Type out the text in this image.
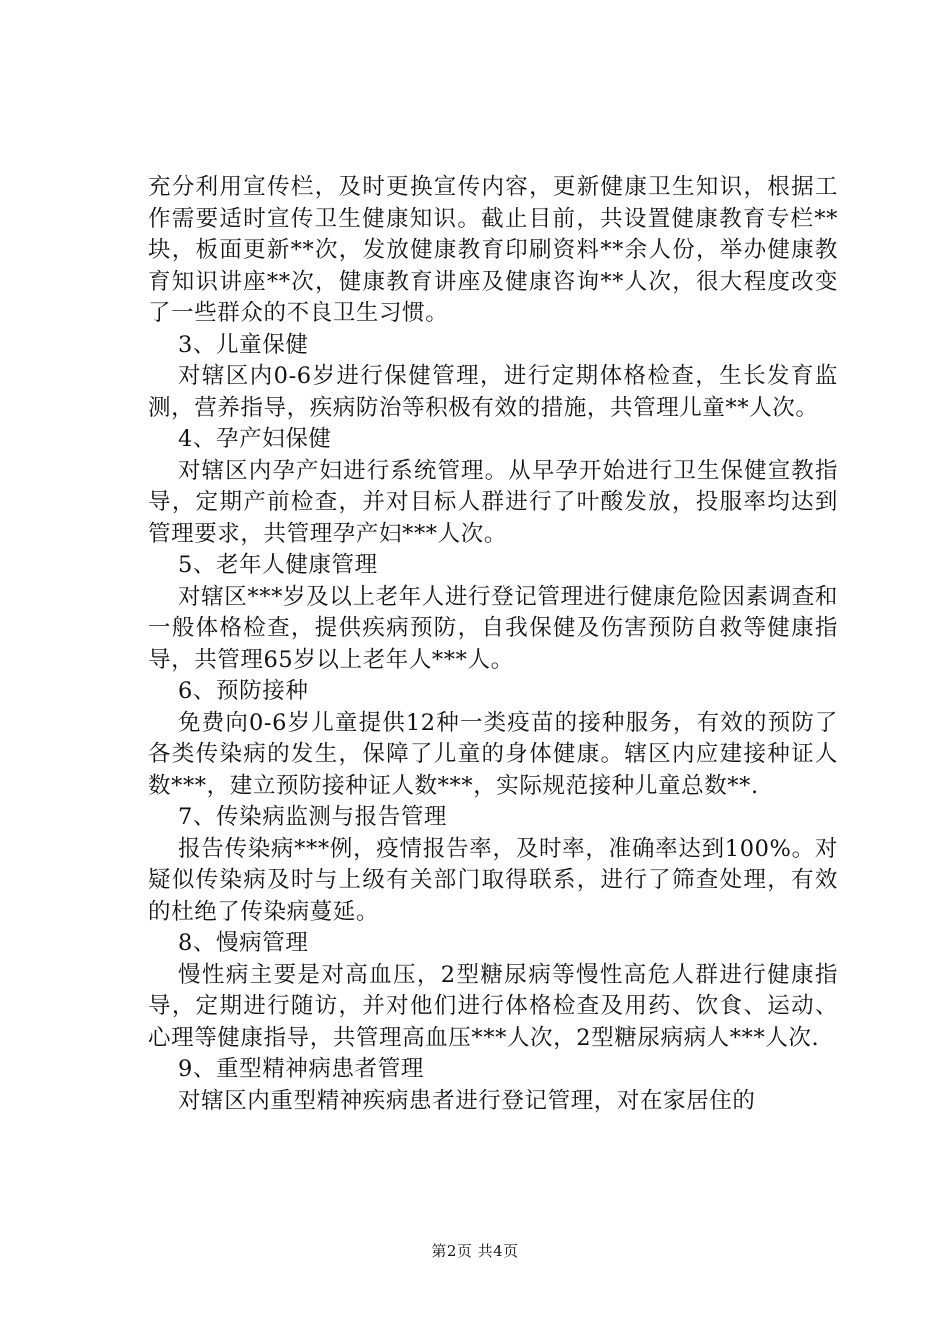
充分利用宣传栏，及时更换宣传内容，更新健康卫生知识，根据工作需要适时宣传卫生健康知识。截止目前，共设置健康教育专栏**块，板面更新**次，发放健康教育印刷资料**余人份，举办健康教育知识讲座**次，健康教育讲座及健康咨询**人次，很大程度改变了一些群众的不良卫生习惯。

3、儿童保健

对辖区内0-6岁进行保健管理，进行定期体格检查，生长发育监测，营养指导，疾病防治等积极有效的措施，共管理儿童**人次。

4、孕产妇保健

对辖区内孕产妇进行系统管理。从早孕开始进行卫生保健宣教指导，定期产前检查，并对目标人群进行了叶酸发放，投服率均达到管理要求，共管理孕产妇***人次。

5、老年人健康管理

对辖区***岁及以上老年人进行登记管理进行健康危险因素调查和一般体格检查，提供疾病预防，自我保健及伤害预防自救等健康指导，共管理65岁以上老年人***人。

6、预防接种

免费向0-6岁儿童提供12种一类疫苗的接种服务，有效的预防了各类传染病的发生，保障了儿童的身体健康。辖区内应建接种证人数***，建立预防接种证人数***，实际规范接种儿童总数**.

7、传染病监测与报告管理

报告传染病***例，疫情报告率，及时率，准确率达到100%。对疑似传染病及时与上级有关部门取得联系，进行了筛查处理，有效的杜绝了传染病蔓延。

8、慢病管理

慢性病主要是对高血压，2型糖尿病等慢性高危人群进行健康指导，定期进行随访，并对他们进行体格检查及用药、饮食、运动、心理等健康指导，共管理高血压***人次，2型糖尿病病人***人次.

9、重型精神病患者管理

对辖区内重型精神疾病患者进行登记管理，对在家居住的

第2页 共4页
